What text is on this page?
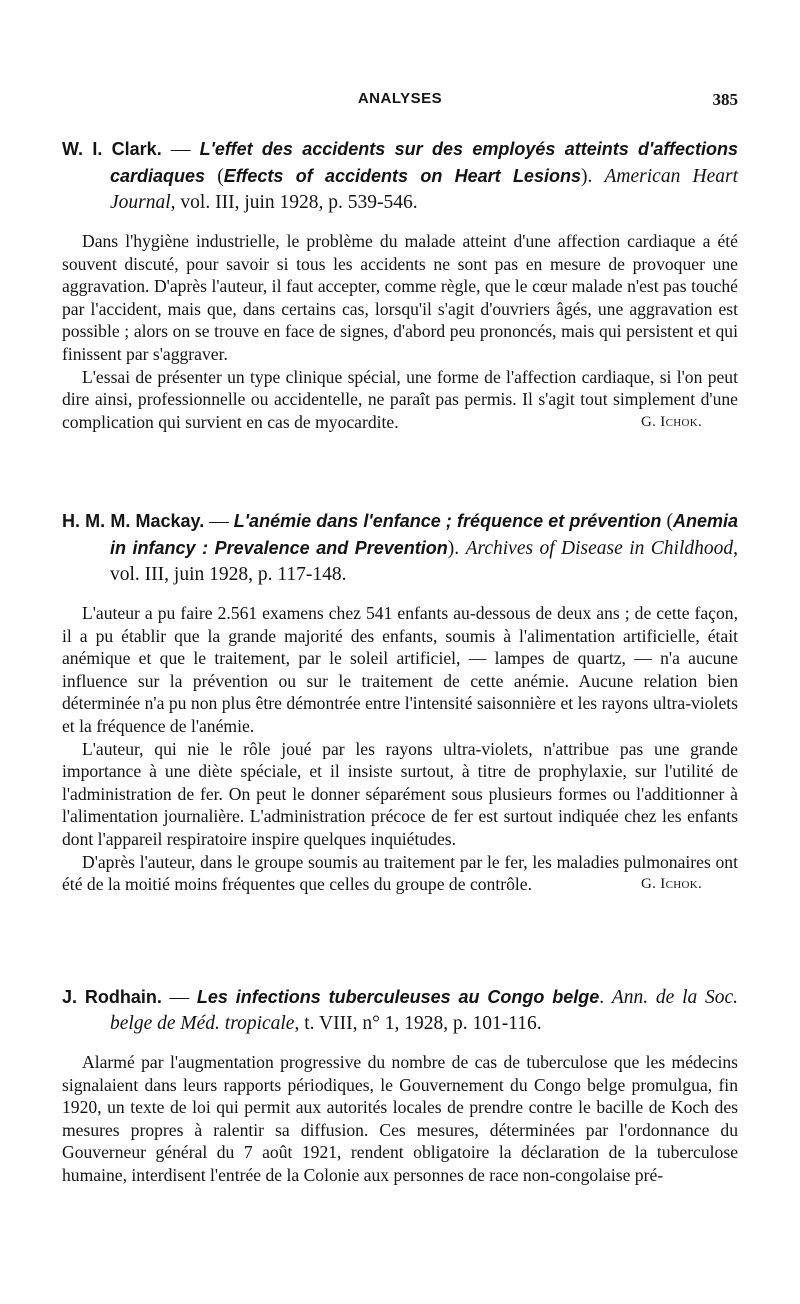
ANALYSES	385
W. I. Clark. — L'effet des accidents sur des employés atteints d'affections cardiaques (Effects of accidents on Heart Lesions). American Heart Journal, vol. III, juin 1928, p. 539-546.

Dans l'hygiène industrielle, le problème du malade atteint d'une affection cardiaque a été souvent discuté, pour savoir si tous les accidents ne sont pas en mesure de provoquer une aggravation. D'après l'auteur, il faut accepter, comme règle, que le cœur malade n'est pas touché par l'accident, mais que, dans certains cas, lorsqu'il s'agit d'ouvriers âgés, une aggravation est possible ; alors on se trouve en face de signes, d'abord peu prononcés, mais qui persistent et qui finissent par s'aggraver.

L'essai de présenter un type clinique spécial, une forme de l'affection cardiaque, si l'on peut dire ainsi, professionnelle ou accidentelle, ne paraît pas permis. Il s'agit tout simplement d'une complication qui survient en cas de myocardite.	G. Ichok.

H. M. M. Mackay. — L'anémie dans l'enfance ; fréquence et prévention (Anemia in infancy : Prevalence and Prevention). Archives of Disease in Childhood, vol. III, juin 1928, p. 117-148.

L'auteur a pu faire 2.561 examens chez 541 enfants au-dessous de deux ans ; de cette façon, il a pu établir que la grande majorité des enfants, soumis à l'alimentation artificielle, était anémique et que le traitement, par le soleil artificiel, — lampes de quartz, — n'a aucune influence sur la prévention ou sur le traitement de cette anémie. Aucune relation bien déterminée n'a pu non plus être démontrée entre l'intensité saisonnière et les rayons ultra-violets et la fréquence de l'anémie.

L'auteur, qui nie le rôle joué par les rayons ultra-violets, n'attribue pas une grande importance à une diète spéciale, et il insiste surtout, à titre de prophylaxie, sur l'utilité de l'administration de fer. On peut le donner séparément sous plusieurs formes ou l'additionner à l'alimentation journalière. L'administration précoce de fer est surtout indiquée chez les enfants dont l'appareil respiratoire inspire quelques inquiétudes.

D'après l'auteur, dans le groupe soumis au traitement par le fer, les maladies pulmonaires ont été de la moitié moins fréquentes que celles du groupe de contrôle.	G. Ichok.

J. Rodhain. — Les infections tuberculeuses au Congo belge. Ann. de la Soc. belge de Méd. tropicale, t. VIII, n° 1, 1928, p. 101-116.

Alarmé par l'augmentation progressive du nombre de cas de tuberculose que les médecins signalaient dans leurs rapports périodiques, le Gouvernement du Congo belge promulgua, fin 1920, un texte de loi qui permit aux autorités locales de prendre contre le bacille de Koch des mesures propres à ralentir sa diffusion. Ces mesures, déterminées par l'ordonnance du Gouverneur général du 7 août 1921, rendent obligatoire la déclaration de la tuberculose humaine, interdisent l'entrée de la Colonie aux personnes de race non-congolaise pré-
